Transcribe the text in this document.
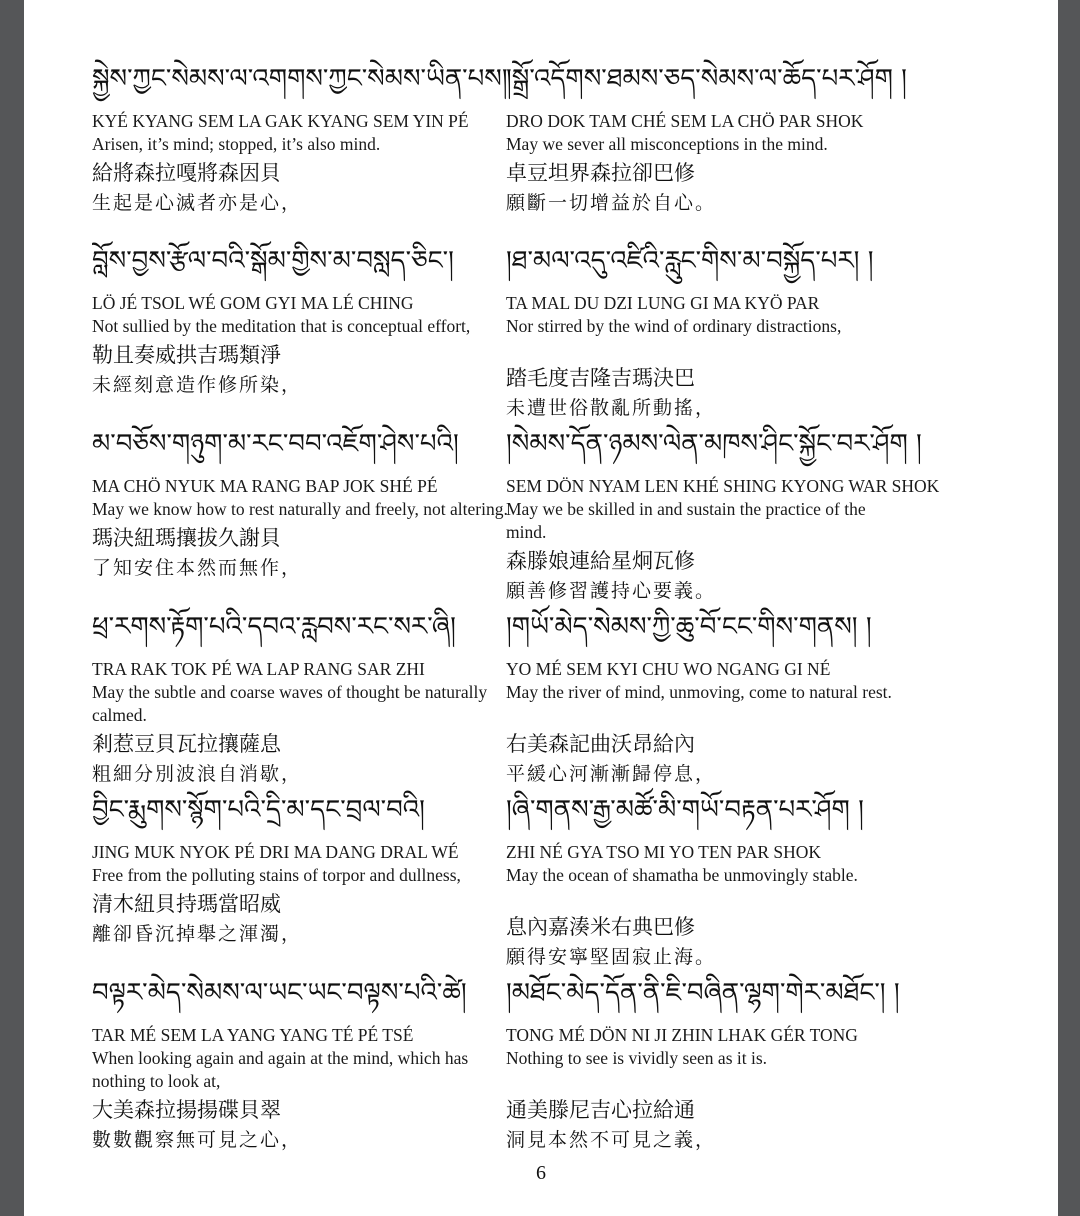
སྐྱེས་ཀྱང་སེམས་ལ་འགགས་ཀྱང་སེམས་ཡིན་པས།
KYÉ KYANG SEM LA GAK KYANG SEM YIN PÉ
Arisen, it’s mind; stopped, it’s also mind.
給將森拉嘎將森因貝
生起是心滅者亦是心，
བློས་བྱས་རྩོལ་བའི་སྒོམ་གྱིས་མ་བསླད་ཅིང་།
LÖ JÉ TSOL WÉ GOM GYI MA LÉ CHING
Not sullied by the meditation that is conceptual effort,
勒且奏威拱吉瑪類淨
未經刻意造作修所染，
མ་བཅོས་གཉུག་མ་རང་བབ་འཇོག་ཤེས་པའི།
MA CHÖ NYUK MA RANG BAP JOK SHÉ PÉ
May we know how to rest naturally and freely, not altering.
瑪決紐瑪攘拔久謝貝
了知安住本然而無作，
ཕྲ་རགས་རྟོག་པའི་དབའ་རླབས་རང་སར་ཞི།
TRA RAK TOK PÉ WA LAP RANG SAR ZHI
May the subtle and coarse waves of thought be naturally calmed.
剎惹豆貝瓦拉攘薩息
粗細分別波浪自消歇，
བྱིང་རྨུགས་སྙོག་པའི་དྲི་མ་དང་བྲལ་བའི།
JING MUK NYOK PÉ DRI MA DANG DRAL WÉ
Free from the polluting stains of torpor and dullness,
清木紐貝持瑪當昭威
離卻昏沉掉舉之渾濁，
བལྟར་མེད་སེམས་ལ་ཡང་ཡང་བལྟས་པའི་ཚེ།
TAR MÉ SEM LA YANG YANG TÉ PÉ TSÉ
When looking again and again at the mind, which has nothing to look at,
大美森拉揚揚碟貝翠
數數觀察無可見之心，
།སྒྲོ་འདོགས་ཐམས་ཅད་སེམས་ལ་ཆོད་པར་ཤོག །
DRO DOK TAM CHÉ SEM LA CHÖ PAR SHOK
May we sever all misconceptions in the mind.
卓豆坦界森拉卻巴修
願斷一切增益於自心。
།ཐ་མལ་འདུ་འཛིའི་རླུང་གིས་མ་བསྐྱོད་པར། །
TA MAL DU DZI LUNG GI MA KYÖ PAR
Nor stirred by the wind of ordinary distractions,
踏毛度吉隆吉瑪決巴
未遭世俗散亂所動搖，
།སེམས་དོན་ཉམས་ལེན་མཁས་ཤིང་སྐྱོང་བར་ཤོག །
SEM DÖN NYAM LEN KHÉ SHING KYONG WAR SHOK
May we be skilled in and sustain the practice of the mind.
森滕娘連給星炯瓦修
願善修習護持心要義。
།གཡོ་མེད་སེམས་ཀྱི་ཆུ་བོ་ངང་གིས་གནས། །
YO MÉ SEM KYI CHU WO NGANG GI NÉ
May the river of mind, unmoving, come to natural rest.
右美森記曲沃昂給內
平緩心河漸漸歸停息，
།ཞི་གནས་རྒྱ་མཚོ་མི་གཡོ་བརྟན་པར་ཤོག །
ZHI NÉ GYA TSO MI YO TEN PAR SHOK
May the ocean of shamatha be unmovingly stable.
息內嘉湊米右典巴修
願得安寧堅固寂止海。
།མཐོང་མེད་དོན་ནི་ཇི་བཞིན་ལྷག་གེར་མཐོང་། །
TONG MÉ DÖN NI JI ZHIN LHAK GÉR TONG
Nothing to see is vividly seen as it is.
通美滕尼吉心拉給通
洞見本然不可見之義，
6
